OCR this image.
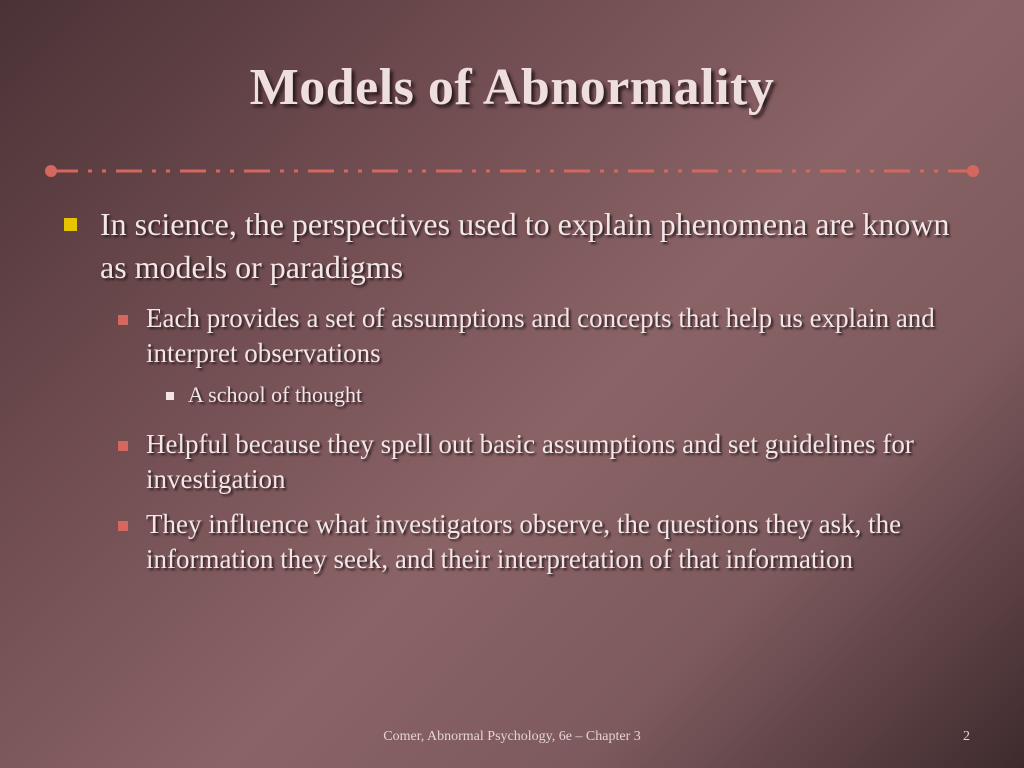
Models of Abnormality
In science, the perspectives used to explain phenomena are known as models or paradigms
Each provides a set of assumptions and concepts that help us explain and interpret observations
A school of thought
Helpful because they spell out basic assumptions and set guidelines for investigation
They influence what investigators observe, the questions they ask, the information they seek, and their interpretation of that information
Comer, Abnormal Psychology, 6e – Chapter 3	2
